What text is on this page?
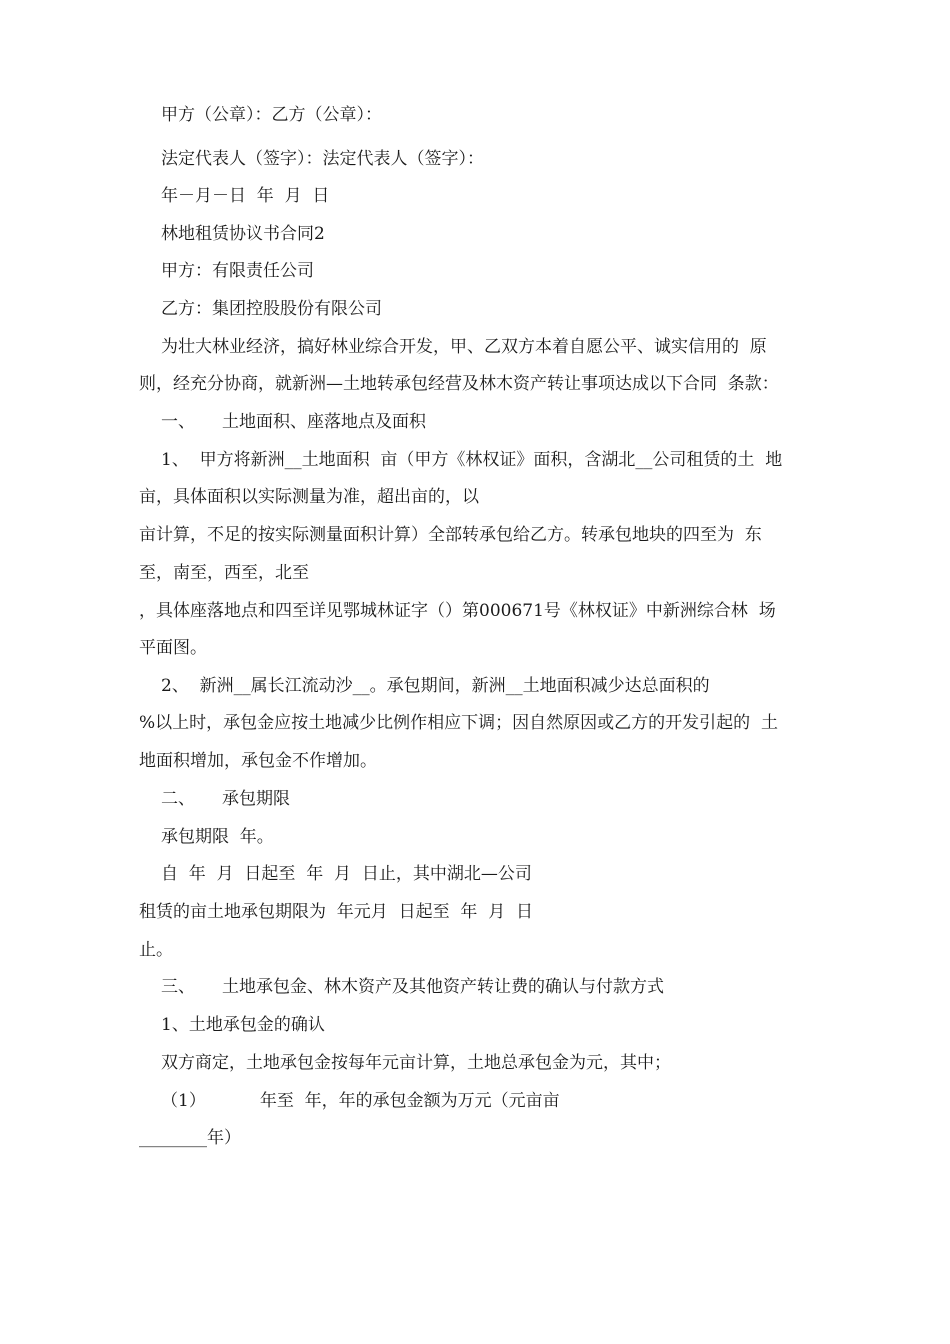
甲方（公章）：乙方（公章）：
法定代表人（签字）：法定代表人（签字）：
年－月－日  年  月  日
林地租赁协议书合同2
甲方：有限责任公司
乙方：集团控股股份有限公司
为壮大林业经济，搞好林业综合开发，甲、乙双方本着自愿公平、诚实信用的  原
则，经充分协商，就新洲—土地转承包经营及林木资产转让事项达成以下合同  条款：
一、     土地面积、座落地点及面积
1、  甲方将新洲__土地面积  亩（甲方《林权证》面积，含湖北__公司租赁的土  地
亩，具体面积以实际测量为准，超出亩的，以
亩计算，不足的按实际测量面积计算）全部转承包给乙方。转承包地块的四至为  东
至，南至，西至，北至
，具体座落地点和四至详见鄂城林证字（）第000671号《林权证》中新洲综合林  场
平面图。
2、  新洲__属长江流动沙__。承包期间，新洲__土地面积减少达总面积的
%以上时，承包金应按土地减少比例作相应下调；因自然原因或乙方的开发引起的  土
地面积增加，承包金不作增加。
二、     承包期限
承包期限  年。
自  年  月  日起至  年  月  日止，其中湖北—公司
租赁的亩土地承包期限为  年元月  日起至  年  月  日
止。
三、     土地承包金、林木资产及其他资产转让费的确认与付款方式
1、土地承包金的确认
双方商定，土地承包金按每年元亩计算，土地总承包金为元，其中；
（1）          年至  年，年的承包金额为万元（元亩亩
________年）
